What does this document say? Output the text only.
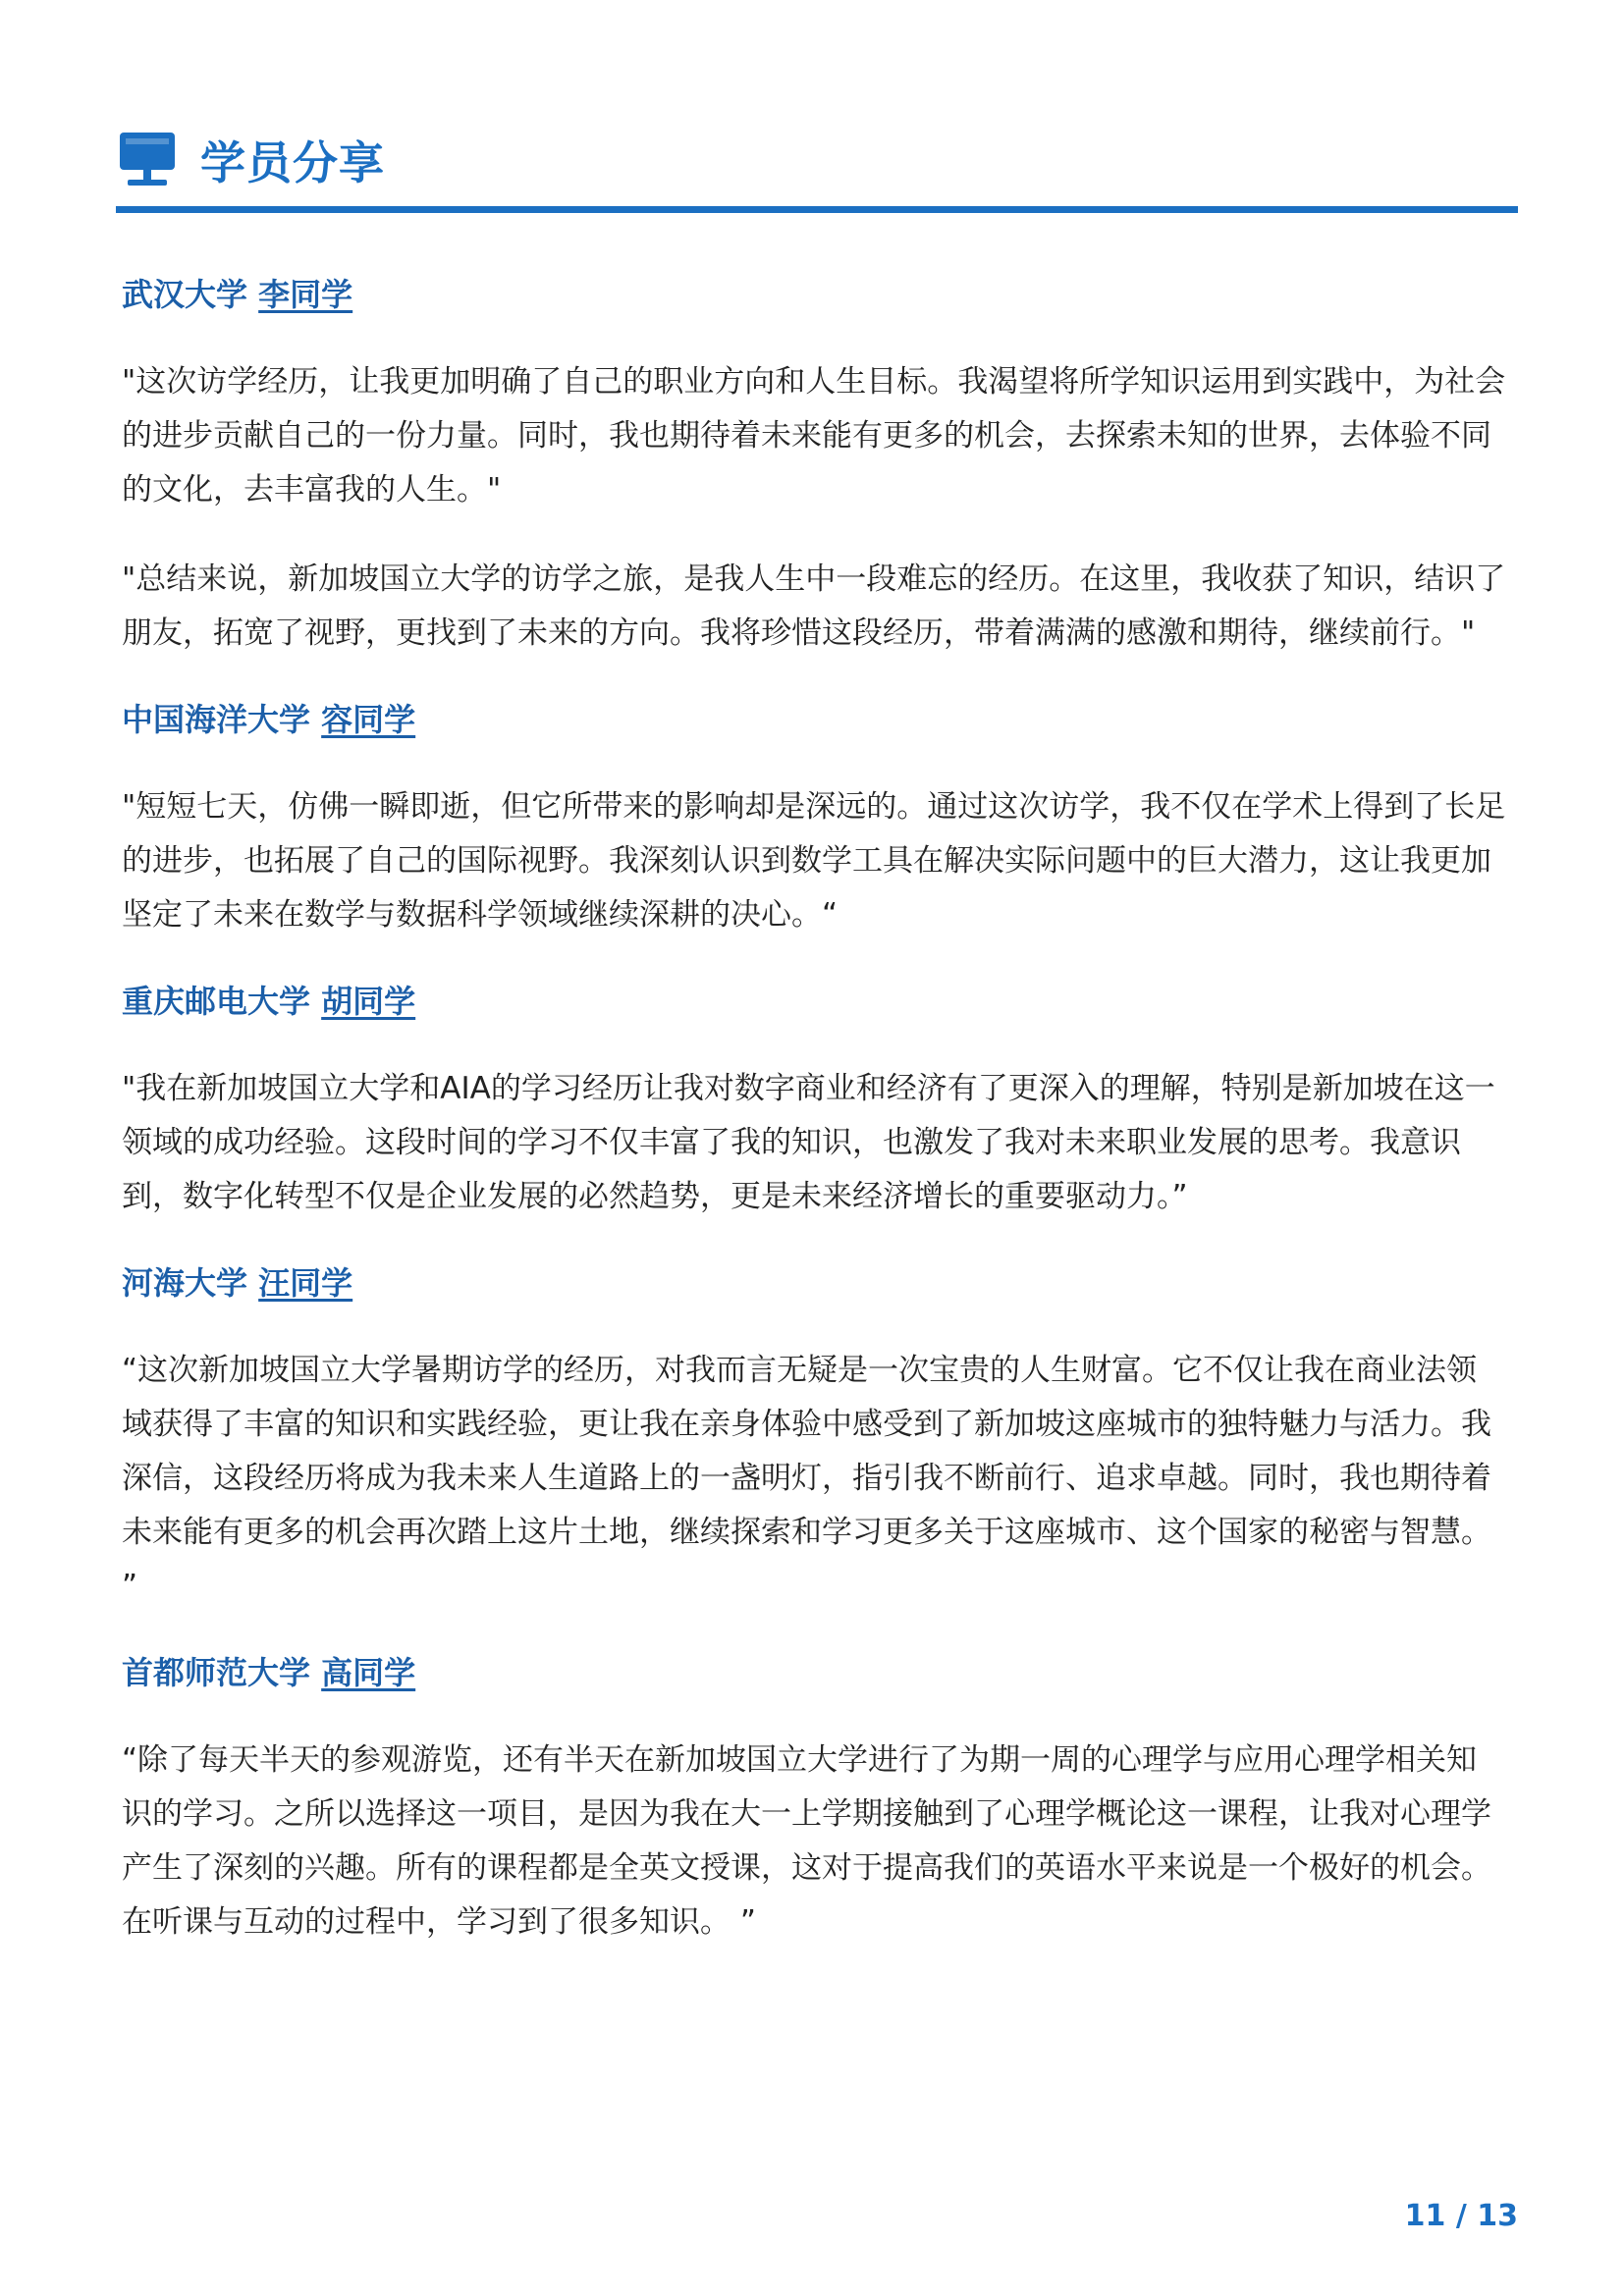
学员分享
武汉大学 李同学

"这次访学经历，让我更加明确了自己的职业方向和人生目标。我渴望将所学知识运用到实践中，为社会的进步贡献自己的一份力量。同时，我也期待着未来能有更多的机会，去探索未知的世界，去体验不同的文化，去丰富我的人生。"

"总结来说，新加坡国立大学的访学之旅，是我人生中一段难忘的经历。在这里，我收获了知识，结识了朋友，拓宽了视野，更找到了未来的方向。我将珍惜这段经历，带着满满的感激和期待，继续前行。"

中国海洋大学 容同学

"短短七天，仿佛一瞬即逝，但它所带来的影响却是深远的。通过这次访学，我不仅在学术上得到了长足的进步，也拓展了自己的国际视野。我深刻认识到数学工具在解决实际问题中的巨大潜力，这让我更加坚定了未来在数学与数据科学领域继续深耕的决心。“

重庆邮电大学 胡同学

"我在新加坡国立大学和AIA的学习经历让我对数字商业和经济有了更深入的理解，特别是新加坡在这一领域的成功经验。这段时间的学习不仅丰富了我的知识，也激发了我对未来职业发展的思考。我意识到，数字化转型不仅是企业发展的必然趋势，更是未来经济增长的重要驱动力。”

河海大学 汪同学

“这次新加坡国立大学暑期访学的经历，对我而言无疑是一次宝贵的人生财富。它不仅让我在商业法领域获得了丰富的知识和实践经验，更让我在亲身体验中感受到了新加坡这座城市的独特魅力与活力。我深信，这段经历将成为我未来人生道路上的一盏明灯，指引我不断前行、追求卓越。同时，我也期待着未来能有更多的机会再次踏上这片土地，继续探索和学习更多关于这座城市、这个国家的秘密与智慧。 ”

首都师范大学 高同学

“除了每天半天的参观游览，还有半天在新加坡国立大学进行了为期一周的心理学与应用心理学相关知识的学习。之所以选择这一项目，是因为我在大一上学期接触到了心理学概论这一课程，让我对心理学产生了深刻的兴趣。所有的课程都是全英文授课，这对于提高我们的英语水平来说是一个极好的机会。在听课与互动的过程中，学习到了很多知识。 ”

11 / 13
